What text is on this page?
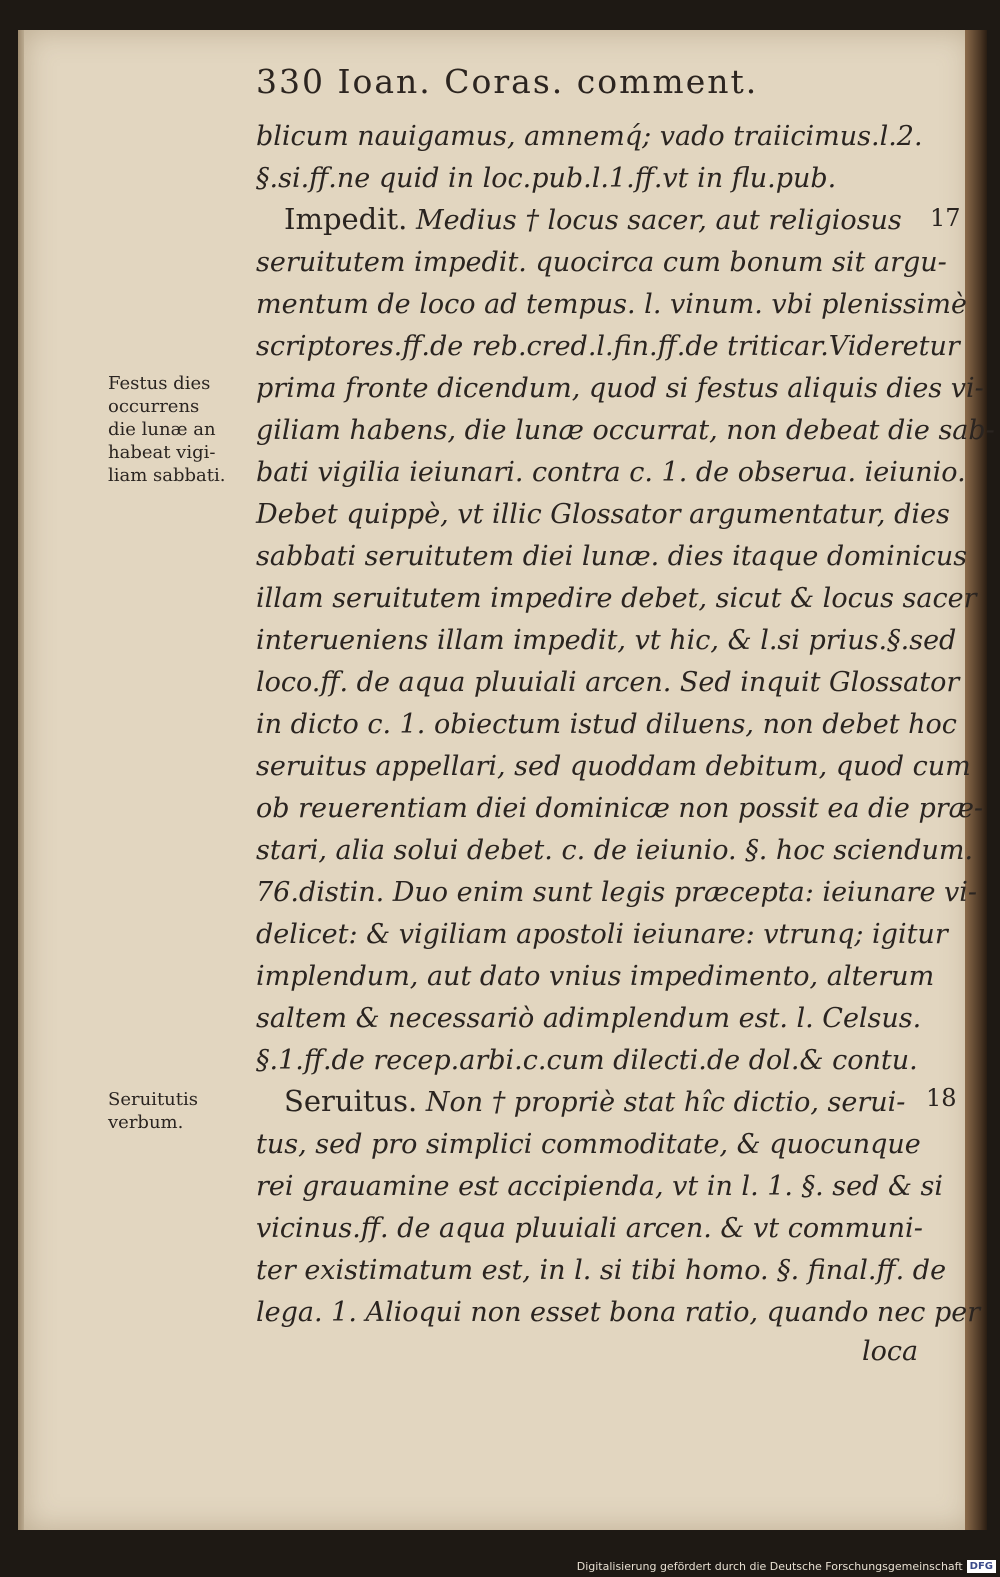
330 Ioan. Coras. comment.
blicum nauigamus, amnemq́; vado traiicimus.l.2.
§.si.ff.ne quid in loc.pub.l.1.ff.vt in flu.pub.
Impedit. Medius † locus sacer, aut religiosus
seruitutem impedit. quocirca cum bonum sit argu-
mentum de loco ad tempus. l. vinum. vbi plenissimè
scriptores.ff.de reb.cred.l.fin.ff.de triticar.Videretur
prima fronte dicendum, quod si festus aliquis dies vi-
giliam habens, die lunæ occurrat, non debeat die sab-
bati vigilia ieiunari. contra c. 1. de obserua. ieiunio.
Debet quippè, vt illic Glossator argumentatur, dies
sabbati seruitutem diei lunæ. dies itaque dominicus
illam seruitutem impedire debet, sicut & locus sacer
interueniens illam impedit, vt hic, & l.si prius.§.sed
loco.ff. de aqua pluuiali arcen. Sed inquit Glossator
in dicto c. 1. obiectum istud diluens, non debet hoc
seruitus appellari, sed quoddam debitum, quod cum
ob reuerentiam diei dominicæ non possit ea die præ-
stari, alia solui debet. c. de ieiunio. §. hoc sciendum.
76.distin. Duo enim sunt legis præcepta: ieiunare vi-
delicet: & vigiliam apostoli ieiunare: vtrunq; igitur
implendum, aut dato vnius impedimento, alterum
saltem & necessariò adimplendum est. l. Celsus.
§.1.ff.de recep.arbi.c.cum dilecti.de dol.& contu.
Seruitus. Non † propriè stat hîc dictio, serui-
tus, sed pro simplici commoditate, & quocunque
rei grauamine est accipienda, vt in l. 1. §. sed & si
vicinus.ff. de aqua pluuiali arcen. & vt communi-
ter existimatum est, in l. si tibi homo. §. final.ff. de
lega. 1. Alioqui non esset bona ratio, quando nec per
loca
Festus dies
occurrens
die lunæ an
habeat vigi-
liam sabbati.
Seruitutis
verbum.
17
18
Digitalisierung gefördert durch die Deutsche Forschungsgemeinschaft DFG
